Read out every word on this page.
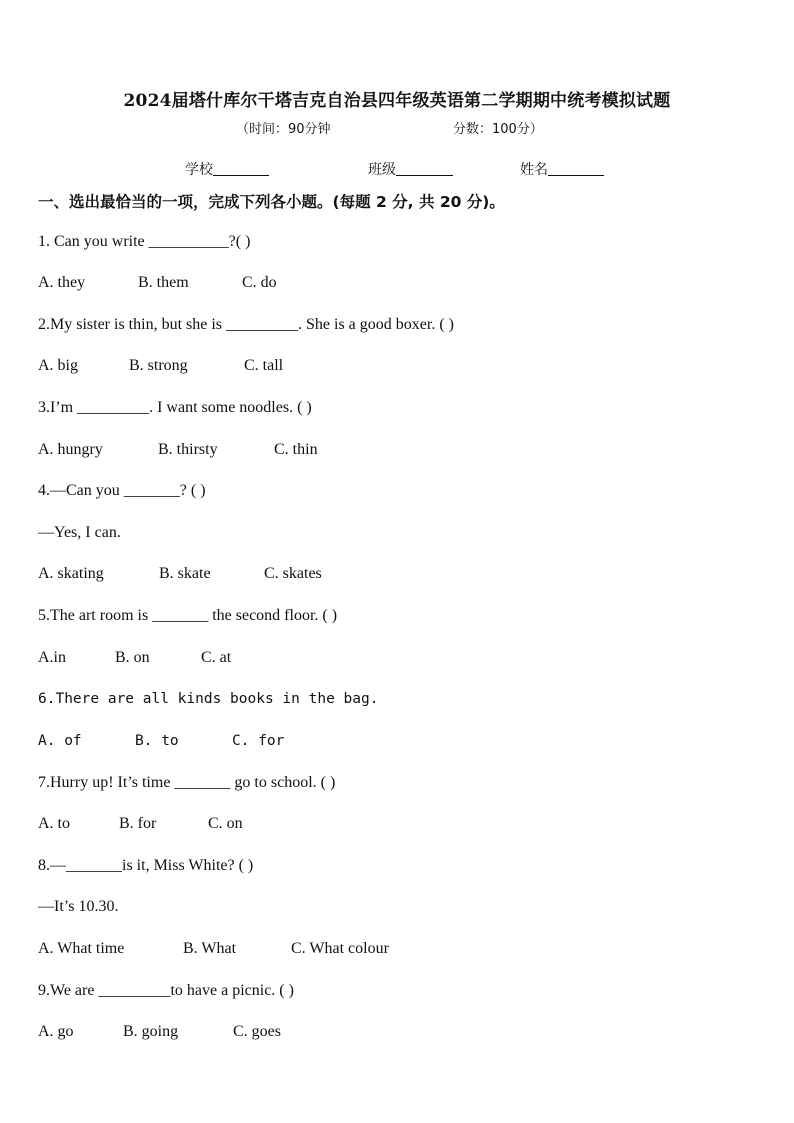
2024届塔什库尔干塔吉克自治县四年级英语第二学期期中统考模拟试题
（时间：90分钟	分数：100分）
学校	班级	姓名
一、选出最恰当的一项，完成下列各小题。(每题 2 分, 共 20 分)。
1. Can you write __________?( )
A. they	B. them	C. do
2.My sister is thin, but she is _________. She is a good boxer. ( )
A. big	B. strong	C. tall
3.I’m _________. I want some noodles. ( )
A. hungry	B. thirsty	C. thin
4.—Can you _______? ( )
—Yes, I can.
A. skating	B. skate	C. skates
5.The art room is _______ the second floor. ( )
A.in	B. on	C. at
6.There are all kinds books in the bag.
A. of	B. to	C. for
7.Hurry up! It’s time _______ go to school. ( )
A. to	B. for	C. on
8.—_______is it, Miss White? ( )
—It’s 10.30.
A. What time	B. What	C. What colour
9.We are _________to have a picnic. ( )
A. go	B. going	C. goes
